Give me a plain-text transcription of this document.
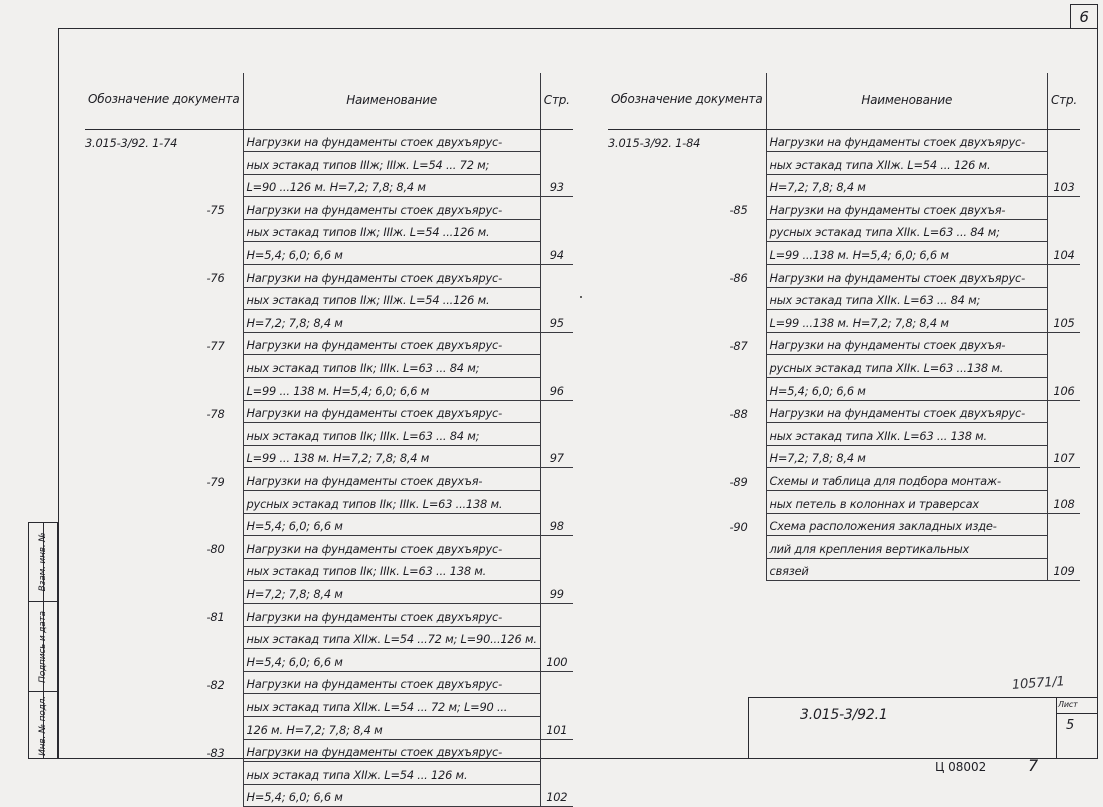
6
Обозначение документа	Наименование	Стр.
3.015-3/92. 1-74	Нагрузки на фундаменты стоек двухъярус-	
	ных эстакад типов IIIж; IIIж. L=54 ... 72 м;	
	L=90 ...126 м. H=7,2; 7,8; 8,4 м	93
-75	Нагрузки на фундаменты стоек двухъярус-	
	ных эстакад типов IIж; IIIж. L=54 ...126 м.	
	H=5,4; 6,0; 6,6 м	94
-76	Нагрузки на фундаменты стоек двухъярус-	
	ных эстакад типов IIж; IIIж. L=54 ...126 м.	
	H=7,2; 7,8; 8,4 м	95
-77	Нагрузки на фундаменты стоек двухъярус-	
	ных эстакад типов IIк; IIIк. L=63 ... 84 м;	
	L=99 ... 138 м. H=5,4; 6,0; 6,6 м	96
-78	Нагрузки на фундаменты стоек двухъярус-	
	ных эстакад типов IIк; IIIк. L=63 ... 84 м;	
	L=99 ... 138 м. H=7,2; 7,8; 8,4 м	97
-79	Нагрузки на фундаменты стоек двухъя-	
	русных эстакад типов IIк; IIIк. L=63 ...138 м.	
	H=5,4; 6,0; 6,6 м	98
-80	Нагрузки на фундаменты стоек двухъярус-	
	ных эстакад типов IIк; IIIк. L=63 ... 138 м.	
	H=7,2; 7,8; 8,4 м	99
-81	Нагрузки на фундаменты стоек двухъярус-	
	ных эстакад типа XIIж. L=54 ...72 м; L=90...126 м.	
	H=5,4; 6,0; 6,6 м	100
-82	Нагрузки на фундаменты стоек двухъярус-	
	ных эстакад типа XIIж. L=54 ... 72 м; L=90 ...	
	126 м. H=7,2; 7,8; 8,4 м	101
-83	Нагрузки на фундаменты стоек двухъярус-	
	ных эстакад типа XIIж. L=54 ... 126 м.	
	H=5,4; 6,0; 6,6 м	102
Обозначение документа	Наименование	Стр.
3.015-3/92. 1-84	Нагрузки на фундаменты стоек двухъярус-	
	ных эстакад типа XIIж. L=54 ... 126 м.	
	H=7,2; 7,8; 8,4 м	103
-85	Нагрузки на фундаменты стоек двухъя-	
	русных эстакад типа XIIк. L=63 ... 84 м;	
	L=99 ...138 м. H=5,4; 6,0; 6,6 м	104
-86	Нагрузки на фундаменты стоек двухъярус-	
	ных эстакад типа XIIк. L=63 ... 84 м;	
	L=99 ...138 м. H=7,2; 7,8; 8,4 м	105
-87	Нагрузки на фундаменты стоек двухъя-	
	русных эстакад типа XIIк. L=63 ...138 м.	
	H=5,4; 6,0; 6,6 м	106
-88	Нагрузки на фундаменты стоек двухъярус-	
	ных эстакад типа XIIк. L=63 ... 138 м.	
	H=7,2; 7,8; 8,4 м	107
-89	Схемы и таблица для подбора монтаж-	
	ных петель в колоннах и траверсах	108
-90	Схема расположения закладных изде-	
	лий для крепления вертикальных	
	связей	109
Взам. инв. №
Подпись и дата
Инв. № подл.
10571/1
3.015-3/92.1
Лист
5
Ц 08002	7
